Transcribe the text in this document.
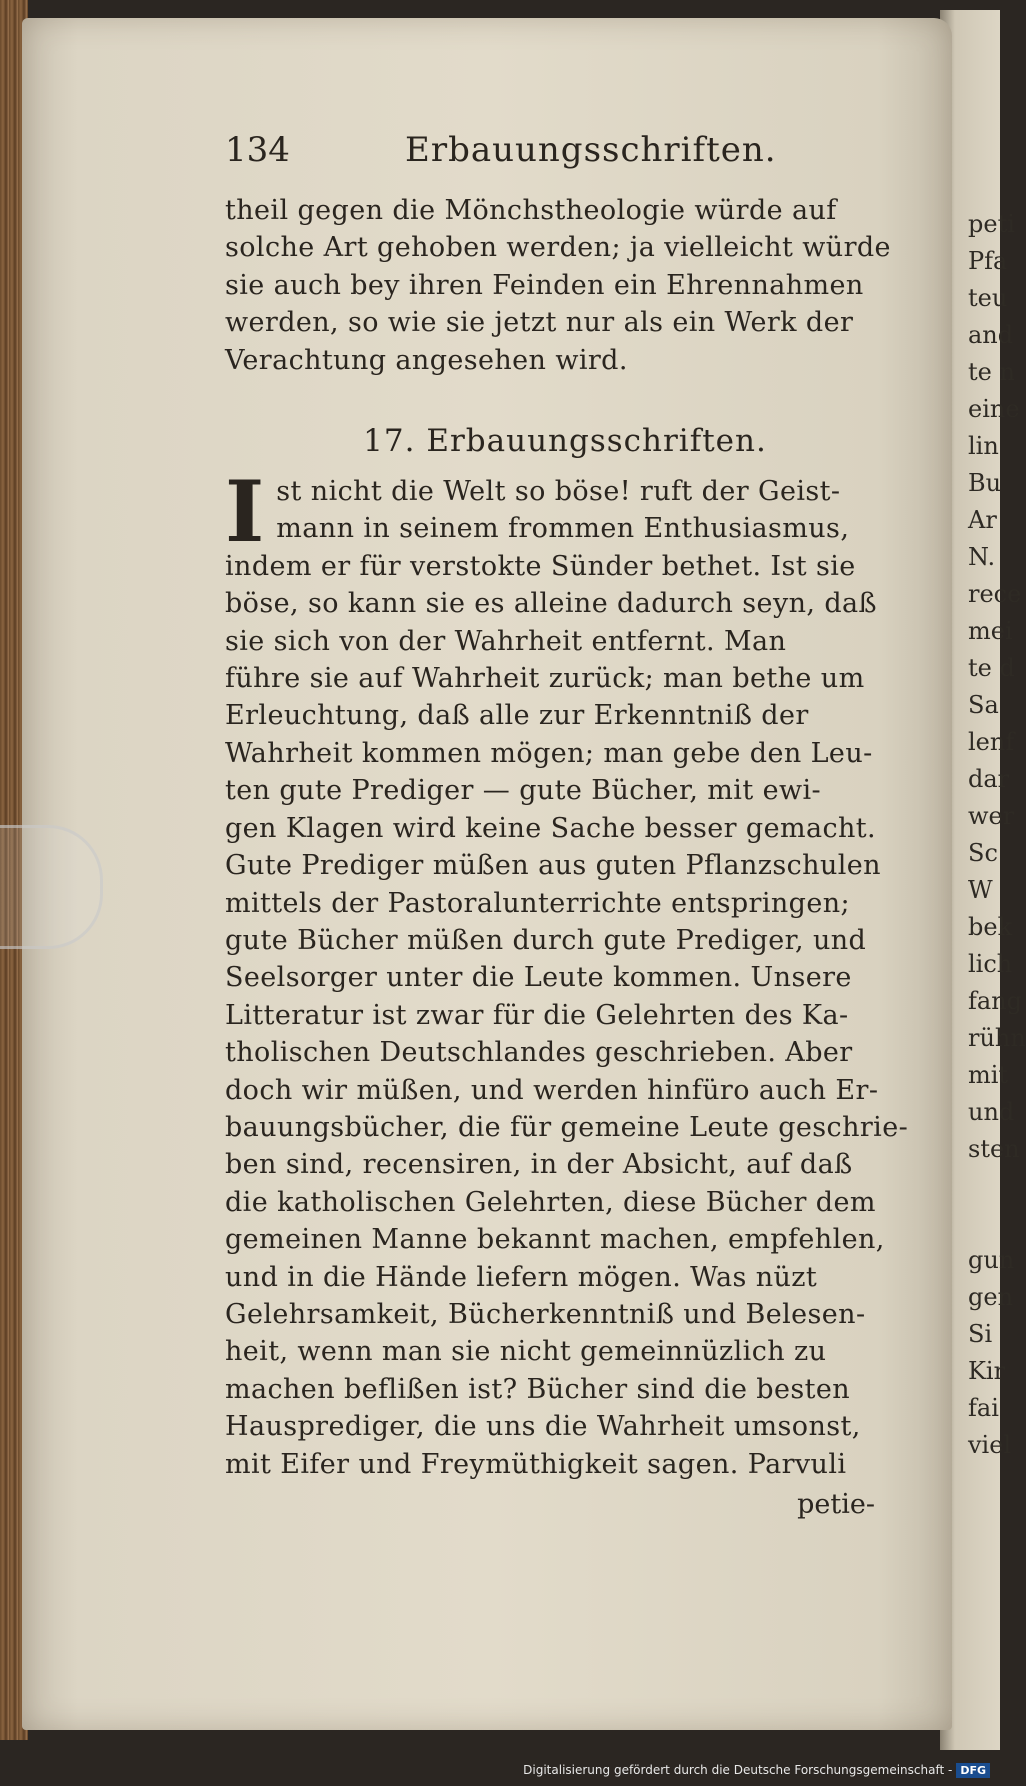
peti
Pfa
teu
and
te n
eine
lin
Bu
Ar
N.
rece
mei
te d
Sa
lenf
dar
wer
Sc
W
bek
lich
fang
rühn
mit
und
sten

gun
gen
Si
Kir
fai
viel
134	Erbauungsschriften.
theil gegen die Mönchstheologie würde auf
solche Art gehoben werden; ja vielleicht würde
sie auch bey ihren Feinden ein Ehrennahmen
werden, so wie sie jetzt nur als ein Werk der
Verachtung angesehen wird.
17. Erbauungsschriften.
I st nicht die Welt so böse! ruft der Geist-
mann in seinem frommen Enthusiasmus,
indem er für verstokte Sünder bethet. Ist sie
böse, so kann sie es alleine dadurch seyn, daß
sie sich von der Wahrheit entfernt. Man
führe sie auf Wahrheit zurück; man bethe um
Erleuchtung, daß alle zur Erkenntniß der
Wahrheit kommen mögen; man gebe den Leu-
ten gute Prediger — gute Bücher, mit ewi-
gen Klagen wird keine Sache besser gemacht.
Gute Prediger müßen aus guten Pflanzschulen
mittels der Pastoralunterrichte entspringen;
gute Bücher müßen durch gute Prediger, und
Seelsorger unter die Leute kommen. Unsere
Litteratur ist zwar für die Gelehrten des Ka-
tholischen Deutschlandes geschrieben. Aber
doch wir müßen, und werden hinfüro auch Er-
bauungsbücher, die für gemeine Leute geschrie-
ben sind, recensiren, in der Absicht, auf daß
die katholischen Gelehrten, diese Bücher dem
gemeinen Manne bekannt machen, empfehlen,
und in die Hände liefern mögen. Was nüzt
Gelehrsamkeit, Bücherkenntniß und Belesen-
heit, wenn man sie nicht gemeinnüzlich zu
machen beflißen ist? Bücher sind die besten
Hausprediger, die uns die Wahrheit umsonst,
mit Eifer und Freymüthigkeit sagen. Parvuli
petie-
Digitalisierung gefördert durch die Deutsche Forschungsgemeinschaft - DFG
